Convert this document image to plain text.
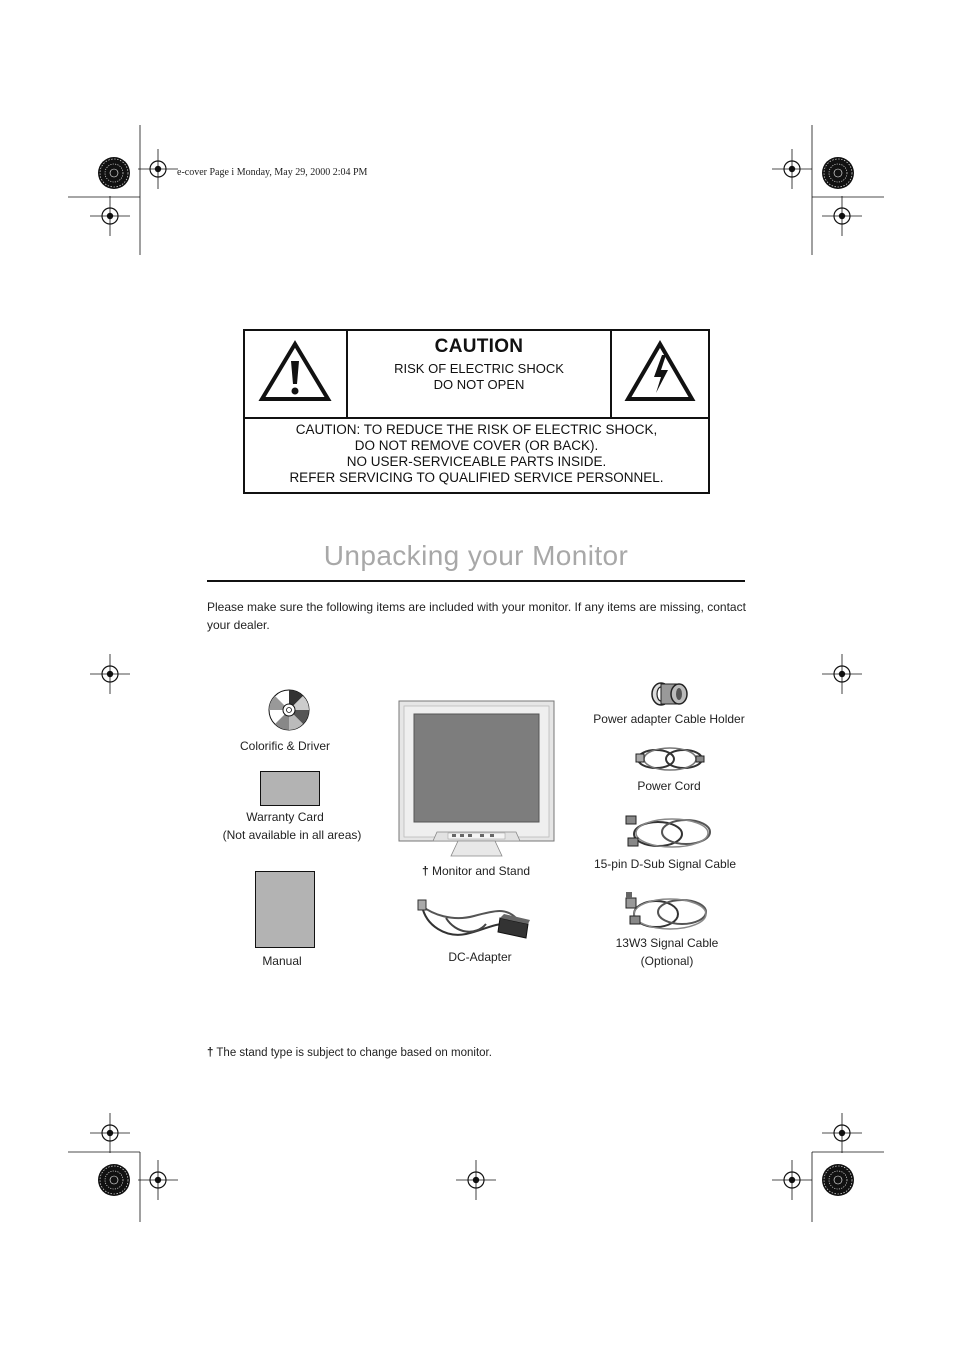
e-cover Page i Monday, May 29, 2000 2:04 PM
CAUTION
RISK OF ELECTRIC SHOCK
DO NOT OPEN
CAUTION: TO REDUCE THE RISK OF ELECTRIC SHOCK,
DO NOT REMOVE COVER (OR BACK).
NO USER-SERVICEABLE PARTS INSIDE.
REFER SERVICING TO QUALIFIED SERVICE PERSONNEL.
Unpacking your Monitor
Please make sure the following items are included with your monitor. If any items are missing, contact your dealer.
Colorific & Driver
Warranty Card
(Not available in all areas)
Manual
† Monitor and Stand
DC-Adapter
Power adapter Cable Holder
Power Cord
15-pin D-Sub Signal Cable
13W3 Signal Cable
(Optional)
† The stand type is subject to change based on monitor.
